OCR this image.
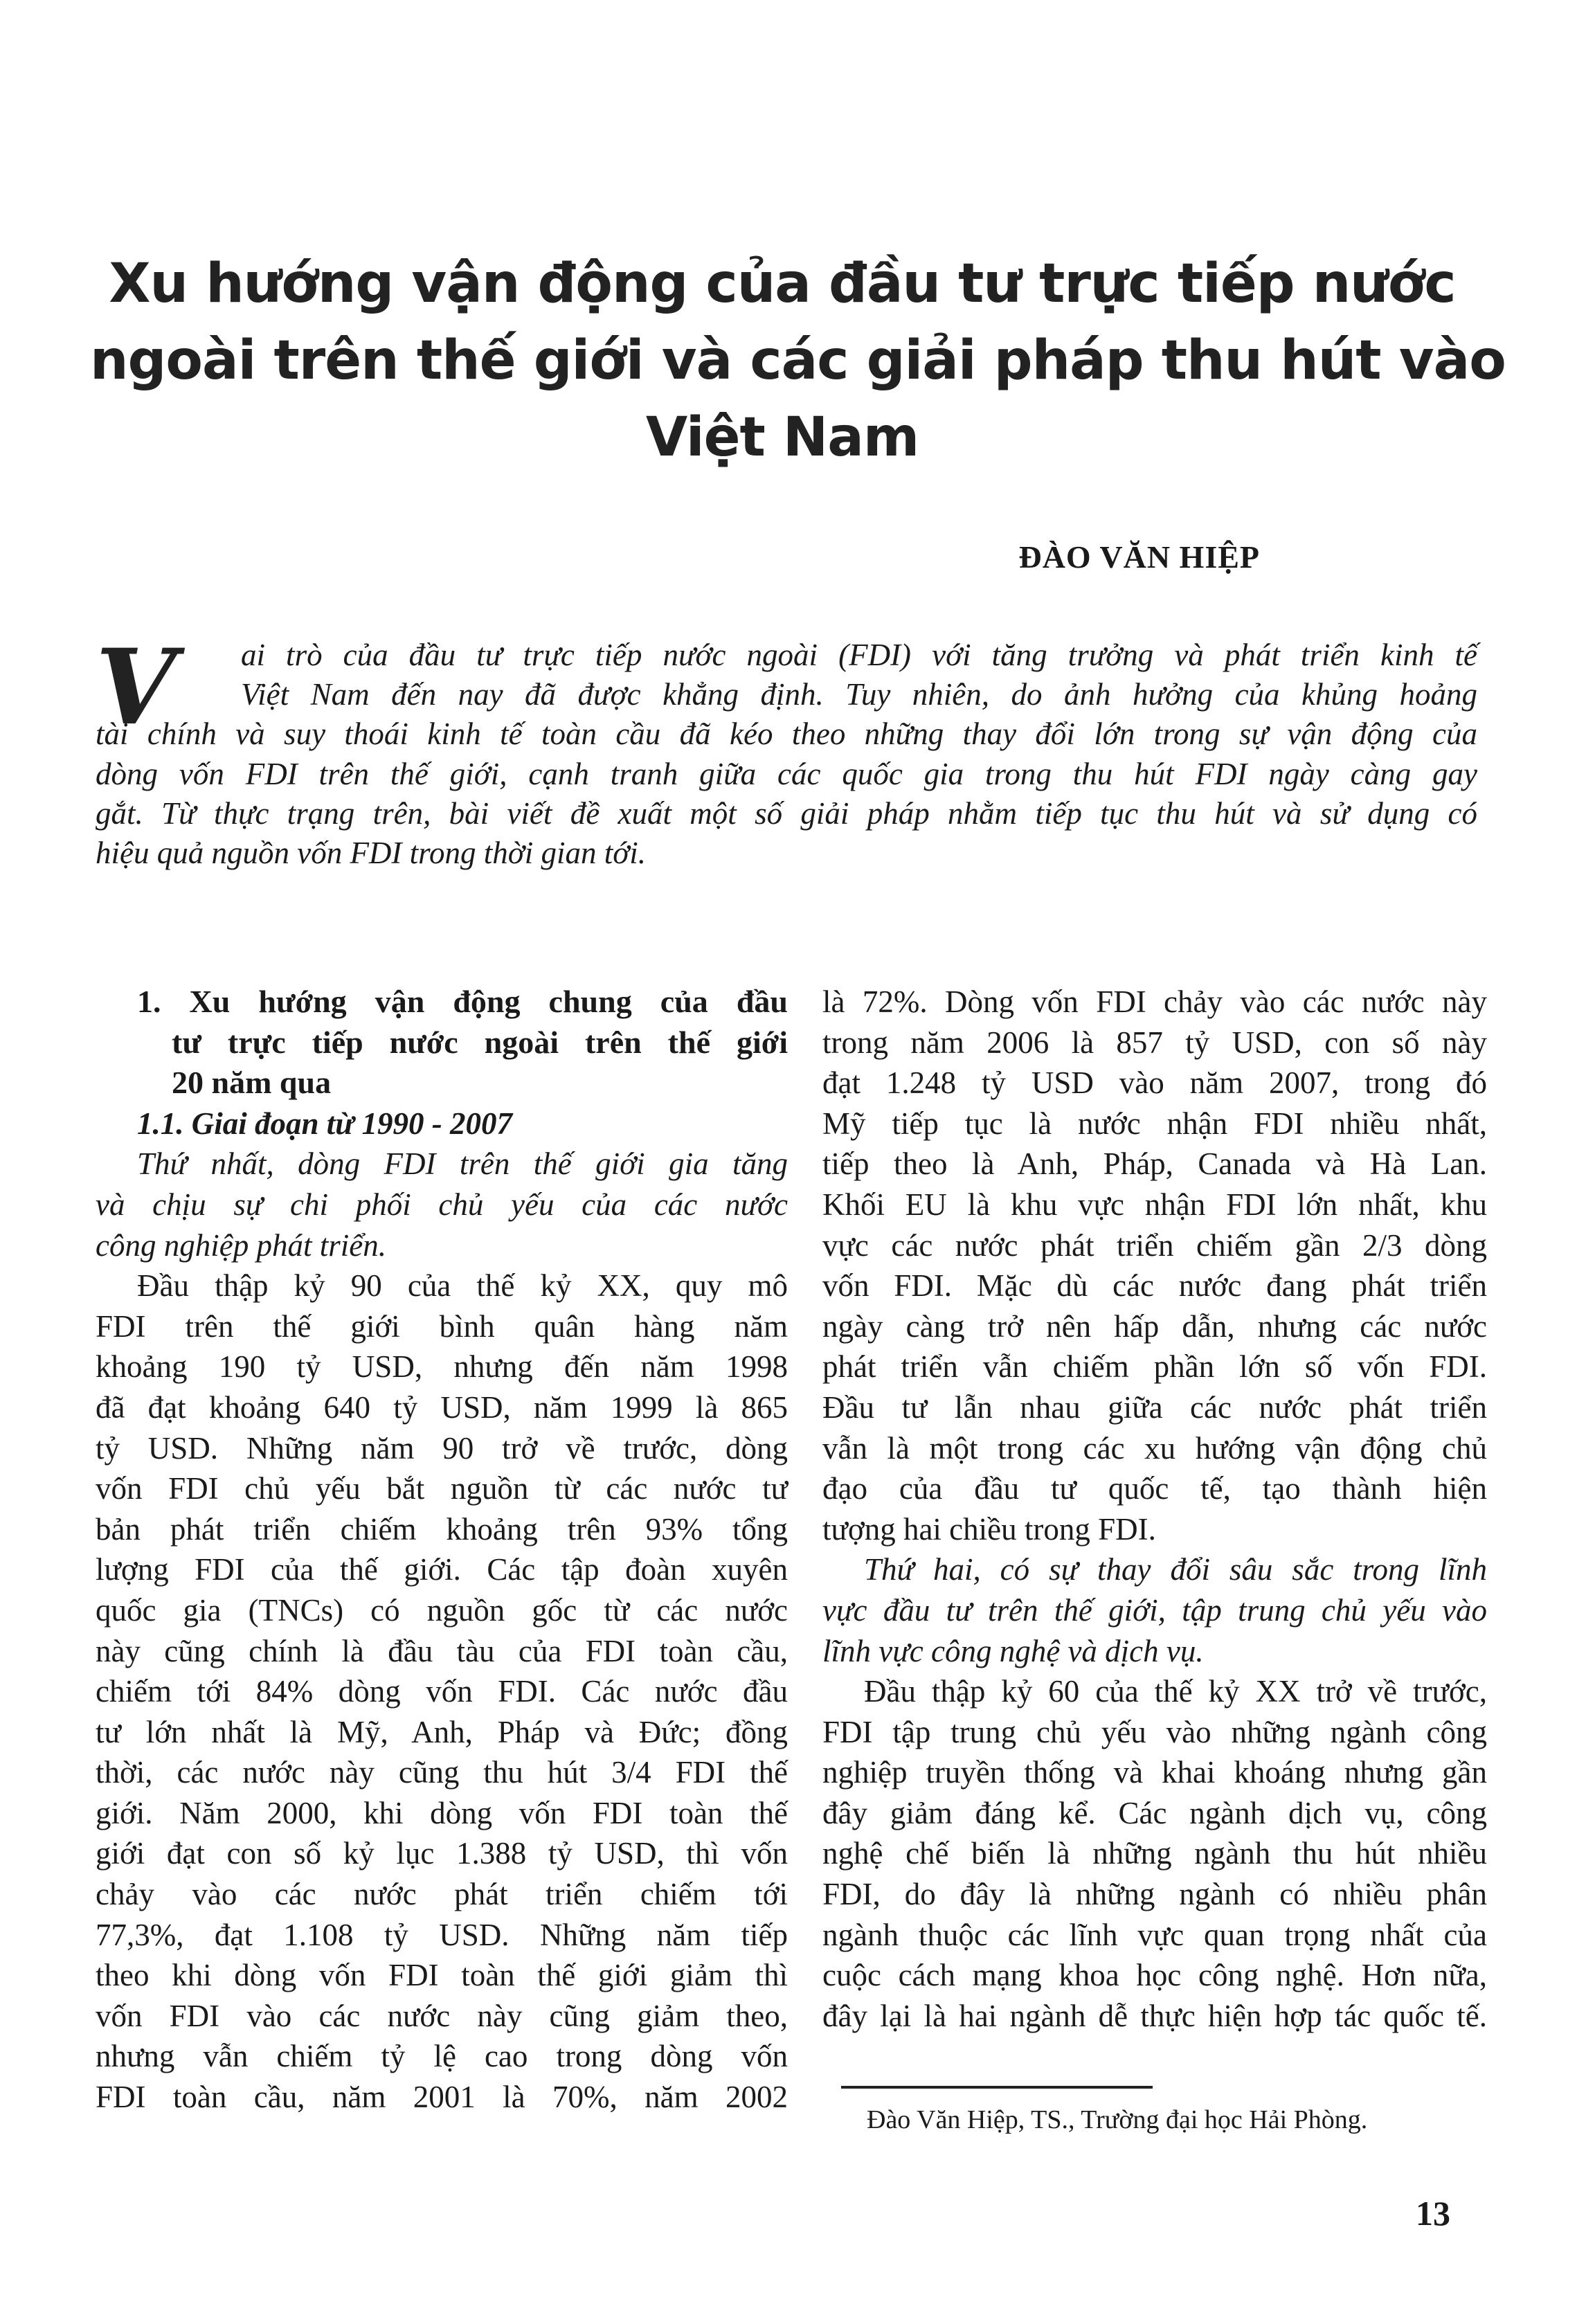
Xu hướng vận động của đầu tư trực tiếp nước
ngoài trên thế giới và các giải pháp thu hút vào
Việt Nam
ĐÀO VĂN HIỆP
V	ai trò của đầu tư trực tiếp nước ngoài (FDI) với tăng trưởng và phát triển kinh tế
Việt Nam đến nay đã được khẳng định. Tuy nhiên, do ảnh hưởng của khủng hoảng
tài chính và suy thoái kinh tế toàn cầu đã kéo theo những thay đổi lớn trong sự vận động của
dòng vốn FDI trên thế giới, cạnh tranh giữa các quốc gia trong thu hút FDI ngày càng gay
gắt. Từ thực trạng trên, bài viết đề xuất một số giải pháp nhằm tiếp tục thu hút và sử dụng có
hiệu quả nguồn vốn FDI trong thời gian tới.
1. Xu hướng vận động chung của đầu
tư trực tiếp nước ngoài trên thế giới
20 năm qua
1.1. Giai đoạn từ 1990 - 2007
Thứ nhất, dòng FDI trên thế giới gia tăng
và chịu sự chi phối chủ yếu của các nước
công nghiệp phát triển.
Đầu thập kỷ 90 của thế kỷ XX, quy mô
FDI trên thế giới bình quân hàng năm
khoảng 190 tỷ USD, nhưng đến năm 1998
đã đạt khoảng 640 tỷ USD, năm 1999 là 865
tỷ USD. Những năm 90 trở về trước, dòng
vốn FDI chủ yếu bắt nguồn từ các nước tư
bản phát triển chiếm khoảng trên 93% tổng
lượng FDI của thế giới. Các tập đoàn xuyên
quốc gia (TNCs) có nguồn gốc từ các nước
này cũng chính là đầu tàu của FDI toàn cầu,
chiếm tới 84% dòng vốn FDI. Các nước đầu
tư lớn nhất là Mỹ, Anh, Pháp và Đức; đồng
thời, các nước này cũng thu hút 3/4 FDI thế
giới. Năm 2000, khi dòng vốn FDI toàn thế
giới đạt con số kỷ lục 1.388 tỷ USD, thì vốn
chảy vào các nước phát triển chiếm tới
77,3%, đạt 1.108 tỷ USD. Những năm tiếp
theo khi dòng vốn FDI toàn thế giới giảm thì
vốn FDI vào các nước này cũng giảm theo,
nhưng vẫn chiếm tỷ lệ cao trong dòng vốn
FDI toàn cầu, năm 2001 là 70%, năm 2002
là 72%. Dòng vốn FDI chảy vào các nước này
trong năm 2006 là 857 tỷ USD, con số này
đạt 1.248 tỷ USD vào năm 2007, trong đó
Mỹ tiếp tục là nước nhận FDI nhiều nhất,
tiếp theo là Anh, Pháp, Canada và Hà Lan.
Khối EU là khu vực nhận FDI lớn nhất, khu
vực các nước phát triển chiếm gần 2/3 dòng
vốn FDI. Mặc dù các nước đang phát triển
ngày càng trở nên hấp dẫn, nhưng các nước
phát triển vẫn chiếm phần lớn số vốn FDI.
Đầu tư lẫn nhau giữa các nước phát triển
vẫn là một trong các xu hướng vận động chủ
đạo của đầu tư quốc tế, tạo thành hiện
tượng hai chiều trong FDI.
Thứ hai, có sự thay đổi sâu sắc trong lĩnh
vực đầu tư trên thế giới, tập trung chủ yếu vào
lĩnh vực công nghệ và dịch vụ.
Đầu thập kỷ 60 của thế kỷ XX trở về trước,
FDI tập trung chủ yếu vào những ngành công
nghiệp truyền thống và khai khoáng nhưng gần
đây giảm đáng kể. Các ngành dịch vụ, công
nghệ chế biến là những ngành thu hút nhiều
FDI, do đây là những ngành có nhiều phân
ngành thuộc các lĩnh vực quan trọng nhất của
cuộc cách mạng khoa học công nghệ. Hơn nữa,
đây lại là hai ngành dễ thực hiện hợp tác quốc tế.
Đào Văn Hiệp, TS., Trường đại học Hải Phòng.
13
